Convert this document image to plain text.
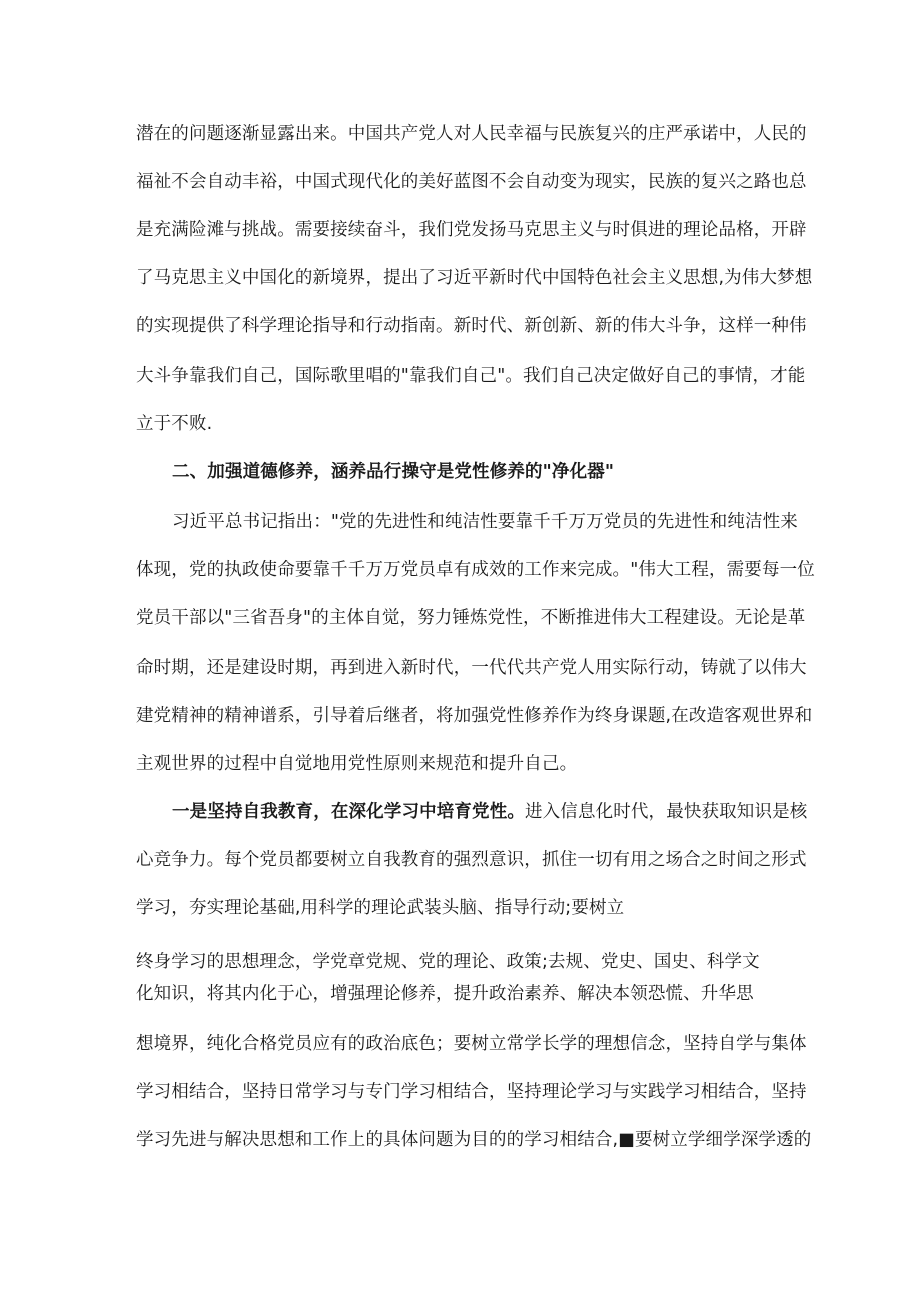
潜在的问题逐渐显露出来。中国共产党人对人民幸福与民族复兴的庄严承诺中，人民的
福祉不会自动丰裕，中国式现代化的美好蓝图不会自动变为现实，民族的复兴之路也总
是充满险滩与挑战。需要接续奋斗，我们党发扬马克思主义与时俱进的理论品格，开辟
了马克思主义中国化的新境界，提出了习近平新时代中国特色社会主义思想,为伟大梦想
的实现提供了科学理论指导和行动指南。新时代、新创新、新的伟大斗争，这样一种伟
大斗争靠我们自己，国际歌里唱的"靠我们自己"。我们自己决定做好自己的事情，才能
立于不败.
二、加强道德修养，涵养品行操守是党性修养的"净化器"
习近平总书记指出："党的先进性和纯洁性要靠千千万万党员的先进性和纯洁性来
体现，党的执政使命要靠千千万万党员卓有成效的工作来完成。"伟大工程，需要每一位
党员干部以"三省吾身"的主体自觉，努力锤炼党性，不断推进伟大工程建设。无论是革
命时期，还是建设时期，再到进入新时代，一代代共产党人用实际行动，铸就了以伟大
建党精神的精神谱系，引导着后继者，将加强党性修养作为终身课题,在改造客观世界和
主观世界的过程中自觉地用党性原则来规范和提升自己。
一是坚持自我教育，在深化学习中培育党性。进入信息化时代，最快获取知识是核
心竞争力。每个党员都要树立自我教育的强烈意识，抓住一切有用之场合之时间之形式
学习，夯实理论基础,用科学的理论武装头脑、指导行动;要树立
终身学习的思想理念，学党章党规、党的理论、政策;去规、党史、国史、科学文
化知识，将其内化于心，增强理论修养，提升政治素养、解决本领恐慌、升华思
想境界，纯化合格党员应有的政治底色；要树立常学长学的理想信念，坚持自学与集体
学习相结合，坚持日常学习与专门学习相结合，坚持理论学习与实践学习相结合，坚持
学习先进与解决思想和工作上的具体问题为目的的学习相结合,■要树立学细学深学透的
